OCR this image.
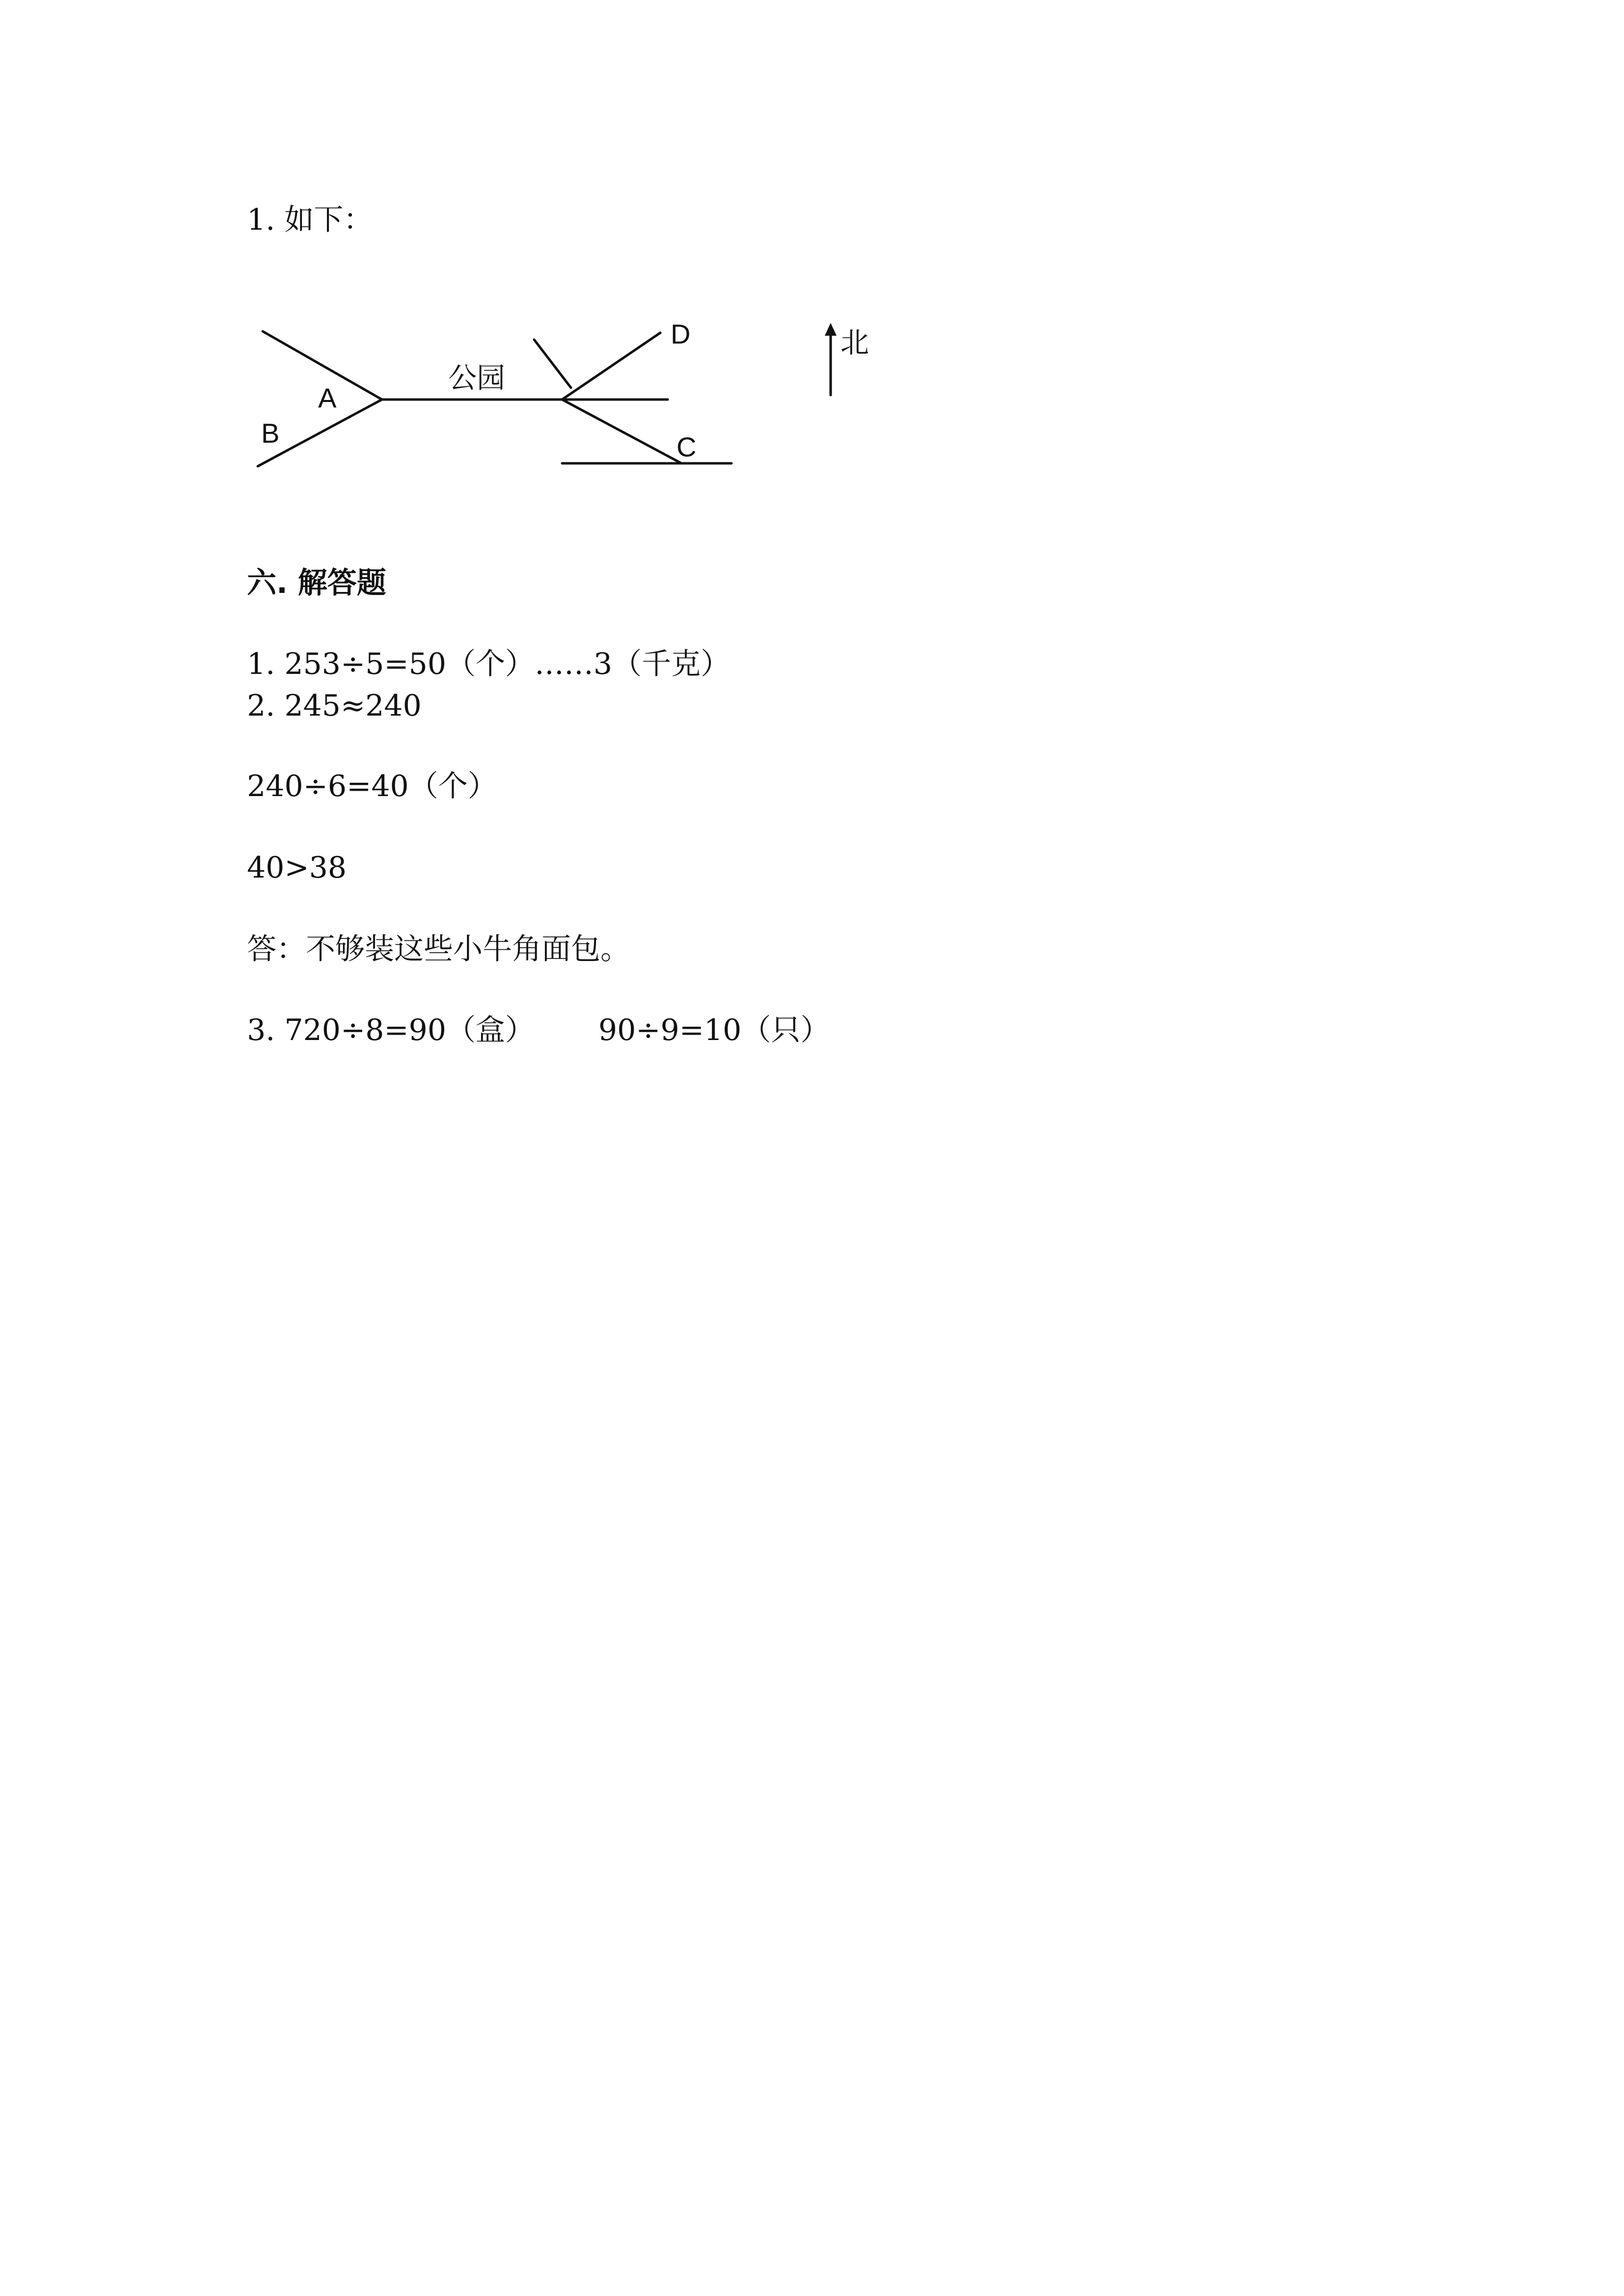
1. 如下：

A
B
D
C
公园
北

六. 解答题

1. 253÷5=50（个）……3（千克）

2. 245≈240

240÷6=40（个）

40>38

答：不够装这些小牛角面包。

3. 720÷8=90（盒） 90÷9=10（只）
